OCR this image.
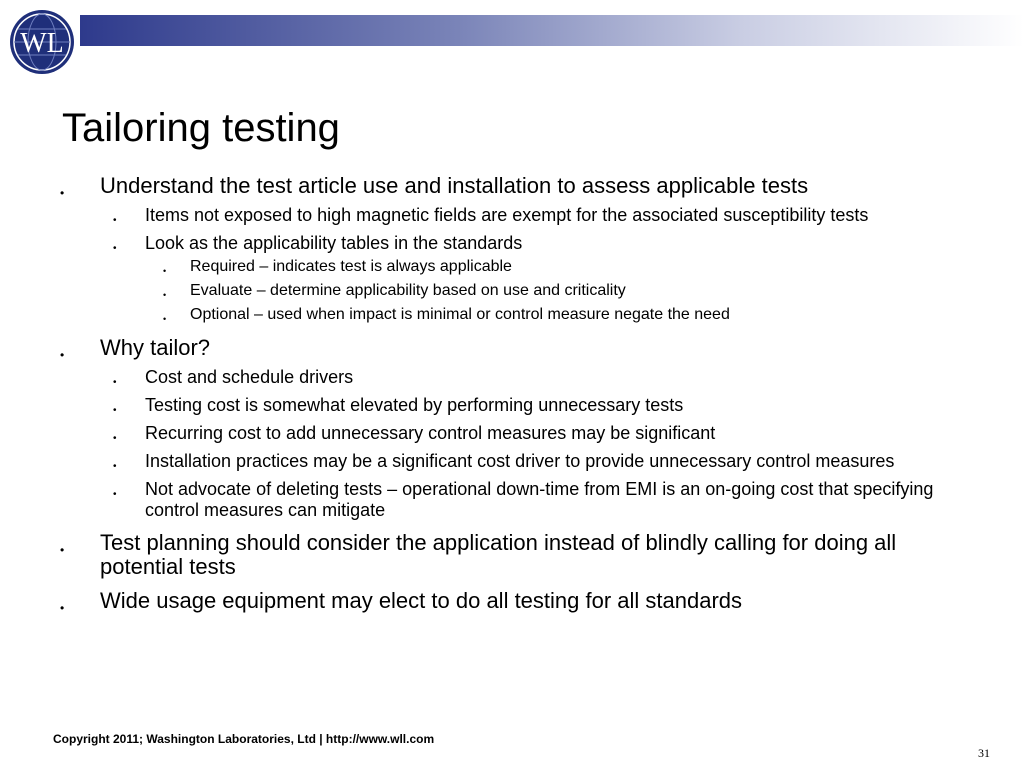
WL
Tailoring testing
• Understand the test article use and installation to assess applicable tests
• Items not exposed to high magnetic fields are exempt for the associated susceptibility tests
• Look as the applicability tables in the standards
• Required – indicates test is always applicable
• Evaluate – determine applicability based on use and criticality
• Optional – used when impact is minimal or control measure negate the need
• Why tailor?
• Cost and schedule drivers
• Testing cost is somewhat elevated by performing unnecessary tests
• Recurring cost to add unnecessary control measures may be significant
• Installation practices may be a significant cost driver to provide unnecessary control measures
• Not advocate of deleting tests – operational down-time from EMI is an on-going cost that specifying control measures can mitigate
• Test planning should consider the application instead of blindly calling for doing all potential tests
• Wide usage equipment may elect to do all testing for all standards
Copyright 2011; Washington Laboratories, Ltd | http://www.wll.com
31
